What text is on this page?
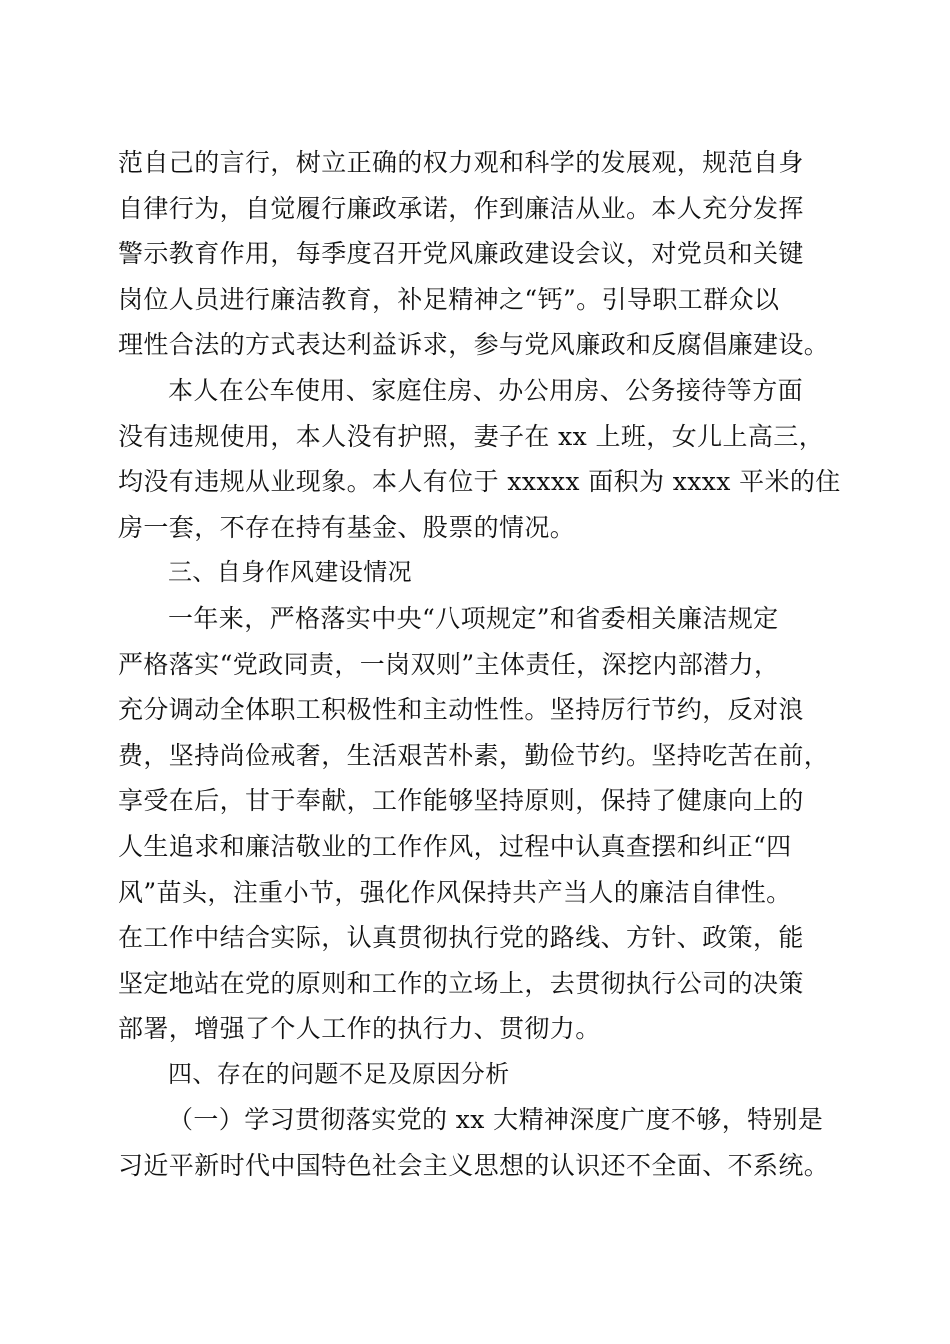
范自己的言行，树立正确的权力观和科学的发展观，规范自身
自律行为，自觉履行廉政承诺，作到廉洁从业。本人充分发挥
警示教育作用，每季度召开党风廉政建设会议，对党员和关键
岗位人员进行廉洁教育，补足精神之“钙”。引导职工群众以
理性合法的方式表达利益诉求，参与党风廉政和反腐倡廉建设。
本人在公车使用、家庭住房、办公用房、公务接待等方面
没有违规使用，本人没有护照，妻子在 xx 上班，女儿上高三，
均没有违规从业现象。本人有位于 xxxxx 面积为 xxxx 平米的住
房一套，不存在持有基金、股票的情况。
三、自身作风建设情况
一年来，严格落实中央“八项规定”和省委相关廉洁规定
严格落实“党政同责，一岗双则”主体责任，深挖内部潜力，
充分调动全体职工积极性和主动性性。坚持厉行节约，反对浪
费，坚持尚俭戒奢，生活艰苦朴素，勤俭节约。坚持吃苦在前，
享受在后，甘于奉献，工作能够坚持原则，保持了健康向上的
人生追求和廉洁敬业的工作作风，过程中认真查摆和纠正“四
风”苗头，注重小节，强化作风保持共产当人的廉洁自律性。
在工作中结合实际，认真贯彻执行党的路线、方针、政策，能
坚定地站在党的原则和工作的立场上，去贯彻执行公司的决策
部署，增强了个人工作的执行力、贯彻力。
四、存在的问题不足及原因分析
（一）学习贯彻落实党的 xx 大精神深度广度不够，特别是
习近平新时代中国特色社会主义思想的认识还不全面、不系统。
